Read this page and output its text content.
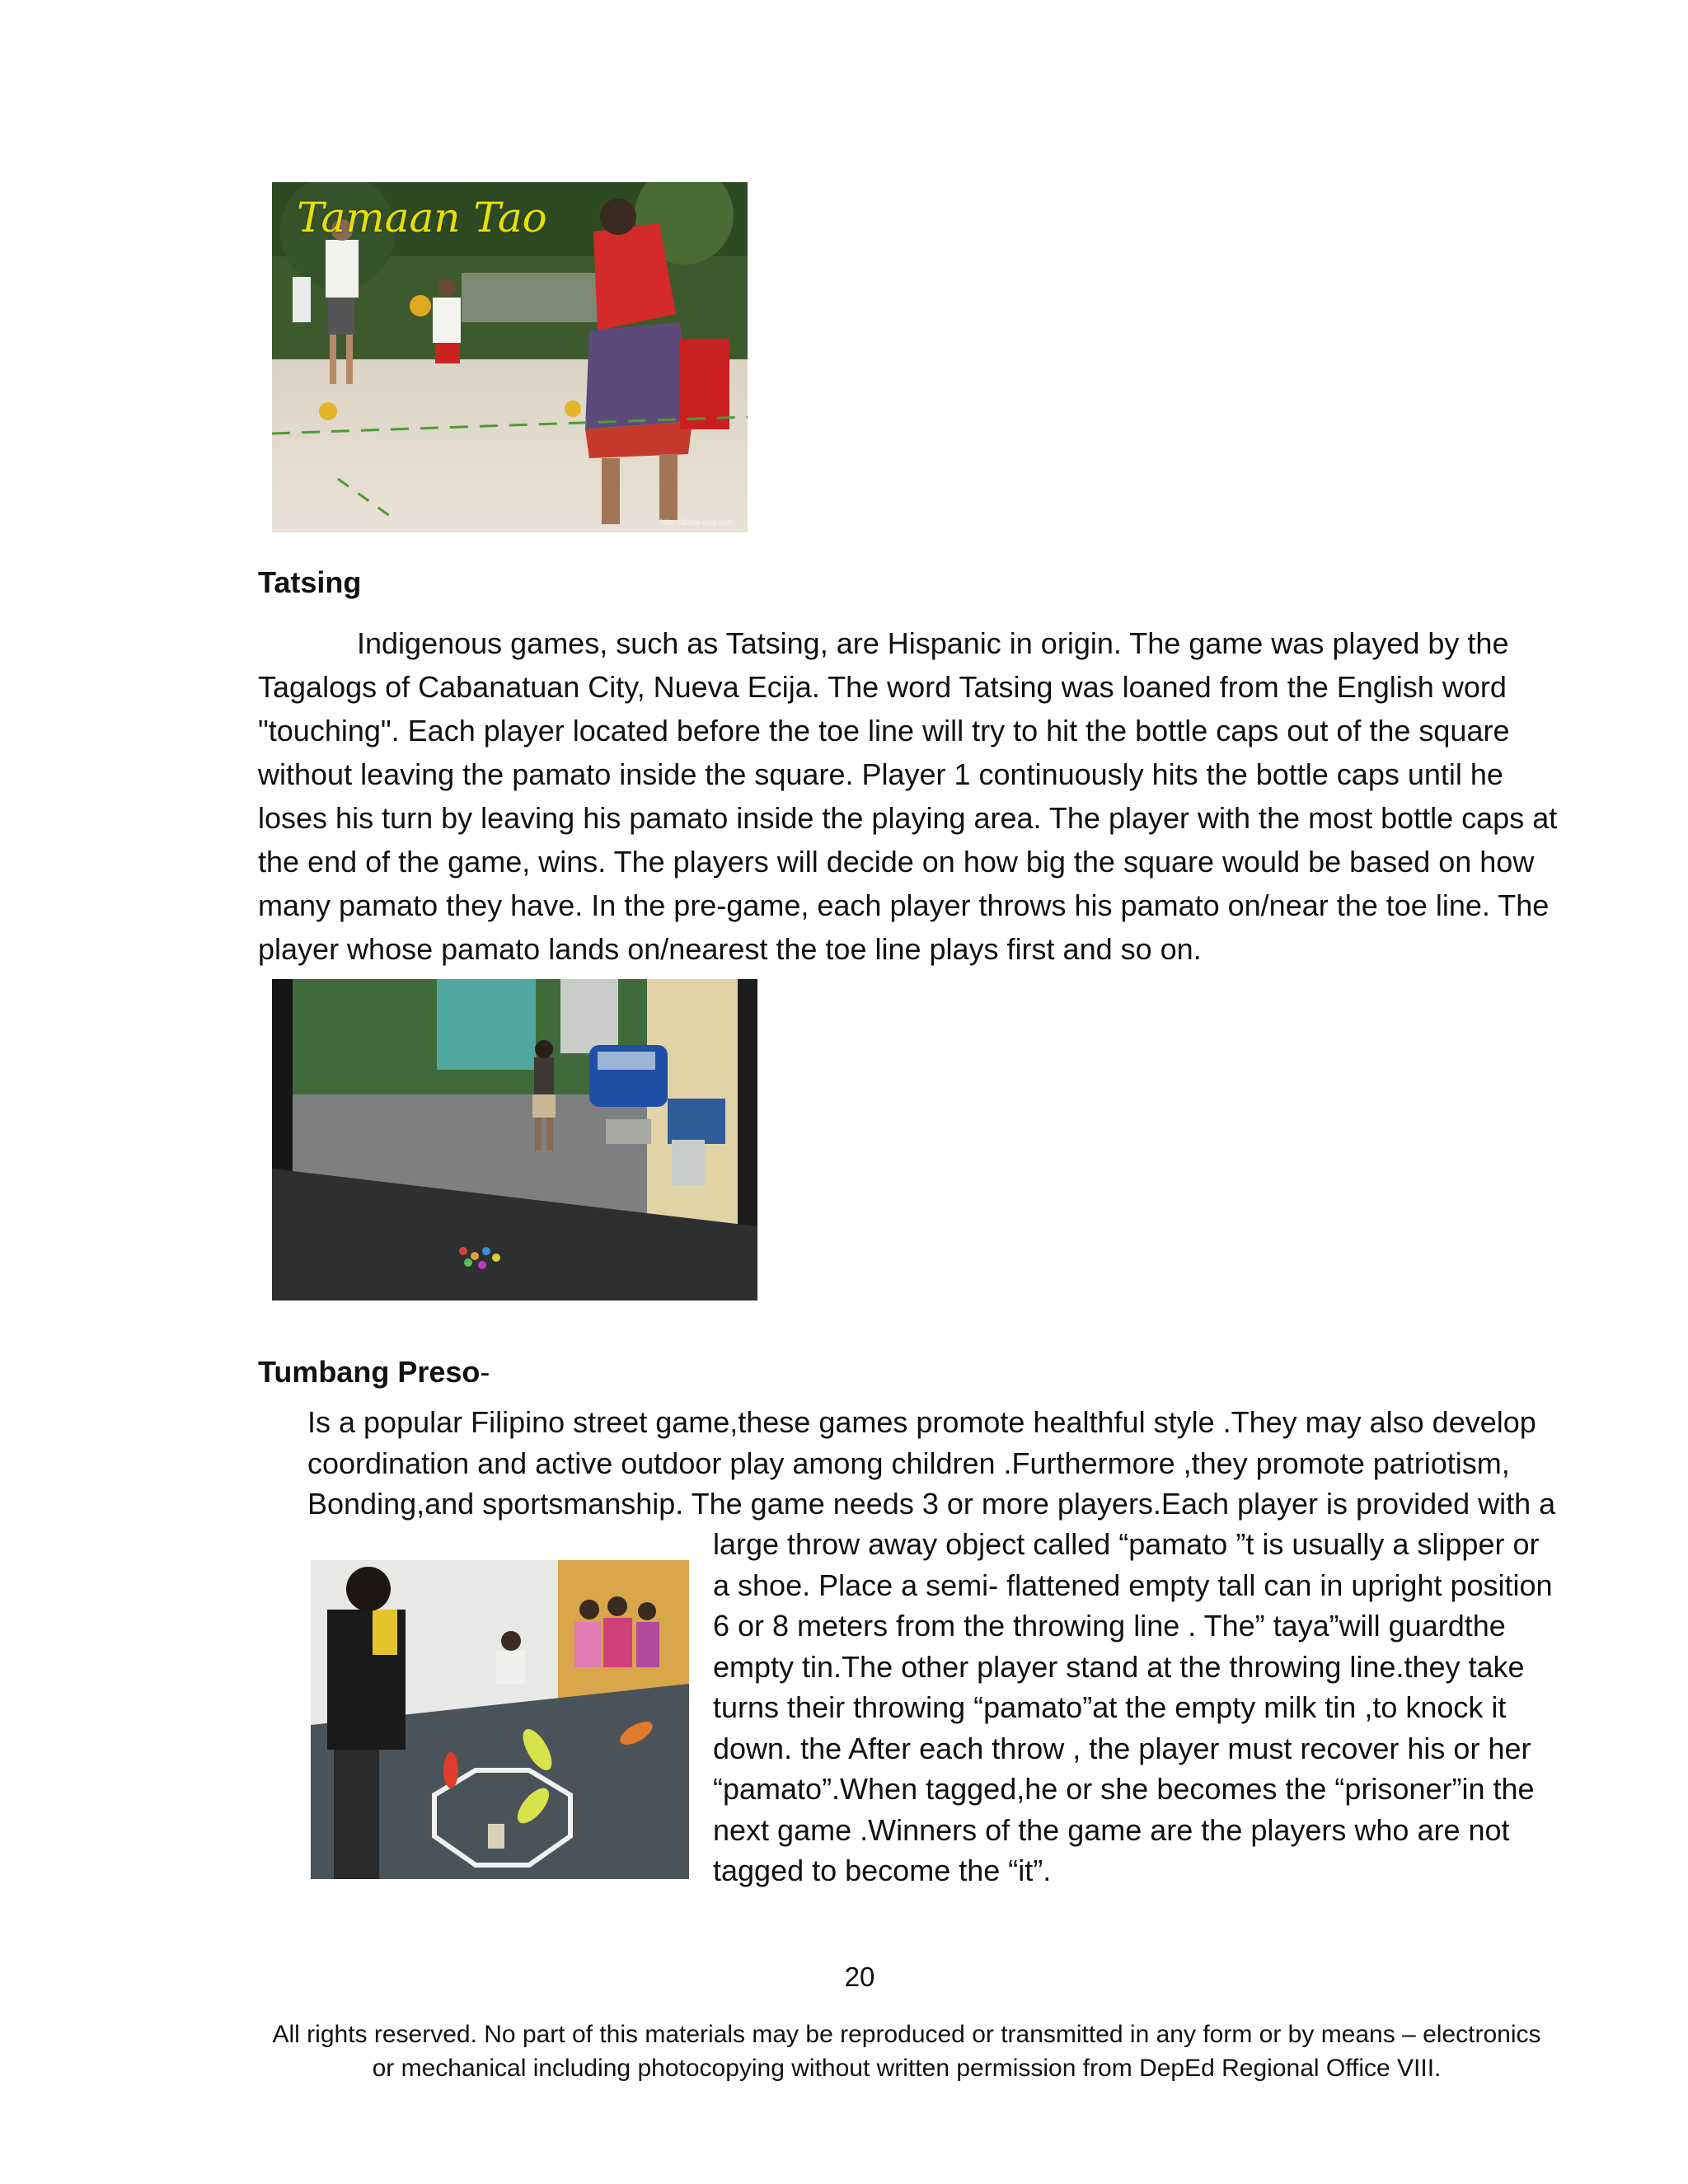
Tamaan Tao
http://daisy-ong.com
Tatsing
Indigenous games, such as Tatsing, are Hispanic in origin. The game was played by the Tagalogs of Cabanatuan City, Nueva Ecija. The word Tatsing was loaned from the English word "touching". Each player located before the toe line will try to hit the bottle caps out of the square without leaving the pamato inside the square. Player 1 continuously hits the bottle caps until he loses his turn by leaving his pamato inside the playing area. The player with the most bottle caps at the end of the game, wins. The players will decide on how big the square would be based on how many pamato they have. In the pre-game, each player throws his pamato on/near the toe line. The player whose pamato lands on/nearest the toe line plays first and so on.
Tumbang Preso-
Is a popular Filipino street game,these games promote healthful style .They may also develop coordination and active outdoor play among children .Furthermore ,they promote patriotism, Bonding,and sportsmanship. The game needs 3 or more players.Each player is provided with a
large throw away object called “pamato ”t is usually a slipper or a shoe. Place a semi- flattened empty tall can in upright position 6 or 8 meters from the throwing line . The” taya”will guardthe empty tin.The other player stand at the throwing line.they take turns their throwing “pamato”at the empty milk tin ,to knock it down. the After each throw , the player must recover his or her “pamato”.When tagged,he or she becomes the “prisoner”in the next game .Winners of the game are the players who are not tagged to become the “it”.
20
All rights reserved. No part of this materials may be reproduced or transmitted in any form or by means – electronics
or mechanical including photocopying without written permission from DepEd Regional Office VIII.
